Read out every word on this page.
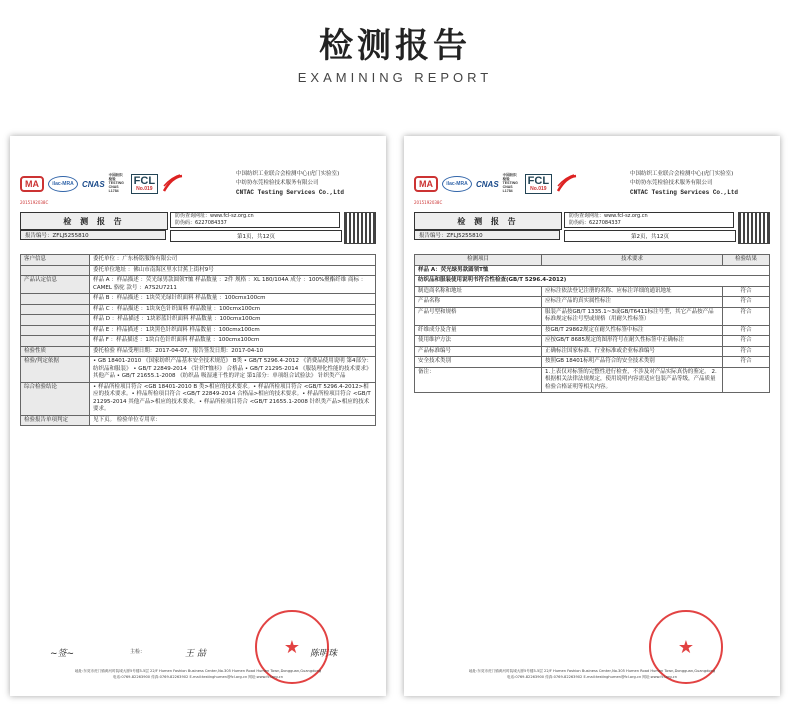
检测报告
EXAMINING REPORT
MA	ilac-MRA	CNAS
中国纺织 检验 TESTING CNAS L1784
FCL
No.019
2015192038C
中国纺织工业联合会检测中心(虎门实验室)
中纺协东莞检验技术服务有限公司
CNTAC Testing Services Co.,Ltd
检 测 报 告
报告编号：ZFLJ5255810
防伪查询网址：www.fcl-sz.org.cn
防伪码：6227084337
第1页，共12页
客户信息	委托单位 ：广东杨铭服饰有限公司
	委托单位地址 ：佛山市南海区里水甘蕉上街村9号
产品认定信息	样品 A ：样品描述 ：荧光绿男款圆领T恤 样品数量 ：2件 规格 ：XL 180/104A 成分 ：100%聚酯纤维 商标 ：CAMEL 骆驼 款号 ：A7S2U7211
	样品 B ：样品描述 ：1块荧光绿针织面料 样品数量 ：100cmx100cm
	样品 C ：样品描述 ：1块灰色针织面料 样品数量 ：100cmx100cm
	样品 D ：样品描述 ：1块彩蓝针织面料 样品数量 ：100cmx100cm
	样品 E ：样品描述 ：1块黑色针织面料 样品数量 ：100cmx100cm
	样品 F ：样品描述 ：1块白色针织面料 样品数量 ：100cmx100cm
检验性质	委托检验 样品受理日期：2017-04-07，报告签发日期：2017-04-10
检验/判定依据	• GB 18401-2010 《国家纺织产品基本安全技术规范》 B类 • GB/T 5296.4-2012 《消费品使用说明 第4部分：纺织品和服装》 • GB/T 22849-2014 《针织T恤衫》 合格品 • GB/T 21295-2014 《服装理化性能的技术要求》 其他产品 • GB/T 21655.1-2008 《纺织品 吸湿速干性的评定 第1部分：单项组合试验法》 针织类产品
综合检验结论	• 样品所检项目符合 <GB 18401-2010 B 类>相应的技术要求。• 样品所检项目符合 <GB/T 5296.4-2012>相应的技术要求。• 样品所检项目符合 <GB/T 22849-2014 合格品>相应的技术要求。• 样品所检项目符合 <GB/T 21295-2014 其他产品>相应的技术要求。• 样品所检项目符合 <GB/T 21655.1-2008 针织类产品>相应的技术要求。
检验报告单项判定	见下页。 检验单位专用章：
~签~	主检：	王 喆	陈明珠
★
地址:东莞市虎门镇黄河时装城大厦5号楼3-5层 22/F Humen Fashion Business Center,No.305 Humen Road Humen Town,Dongguan,Guangdong
电话:0769-82263900 传真:0769-82263902 E-mail:testinghumen@fcl.org.cn 网址:www.fcl.org.cn
MA	ilac-MRA	CNAS
中国纺织 检验 TESTING CNAS L1784
FCL
No.019
2015192038C
中国纺织工业联合会检测中心(虎门实验室)
中纺协东莞检验技术服务有限公司
CNTAC Testing Services Co.,Ltd
检 测 报 告
报告编号：ZFLJ5255810
防伪查询网址：www.fcl-sz.org.cn
防伪码：6227084337
第2页，共12页
检测项目	技术要求	检验结果
样品 A：荧光绿男款圆领T恤		
纺织品和服装使用说明书符合性检查(GB/T 5296.4-2012)		
制造商名称和地址	应标注依法登记注册的名称、应标注详细的通讯地址	符合
产品名称	应标注产品的真实属性标注	符合
产品号型和规格	服装产品按GB/T 1335.1~3或GB/T6411标注号型，其它产品按产品标准规定标注号型或规格（用耐久性标签）	符合
纤维成分及含量	按GB/T 29862规定在耐久性标签中标注	符合
使用维护方法	应按GB/T 8685规定的图形符号在耐久性标签中正确标注	符合
产品标准编号	正确标注国家标准、行业标准或企业标准编号	符合
安全技术类别	按照GB 18401标明产品符合的安全技术类别	符合
备注：	1.上表仅对标签的完整性进行检查，不涉及对产品实际真伪的鉴定。 2.根据相关法律法规规定，使用说明内容需适应包装产品等级，产品质量检验合格证明等相关内容。	
★
地址:东莞市虎门镇黄河时装城大厦5号楼3-5层 22/F Humen Fashion Business Center,No.305 Humen Road Humen Town,Dongguan,Guangdong
电话:0769-82263900 传真:0769-82263902 E-mail:testinghumen@fcl.org.cn 网址:www.fcl.org.cn
